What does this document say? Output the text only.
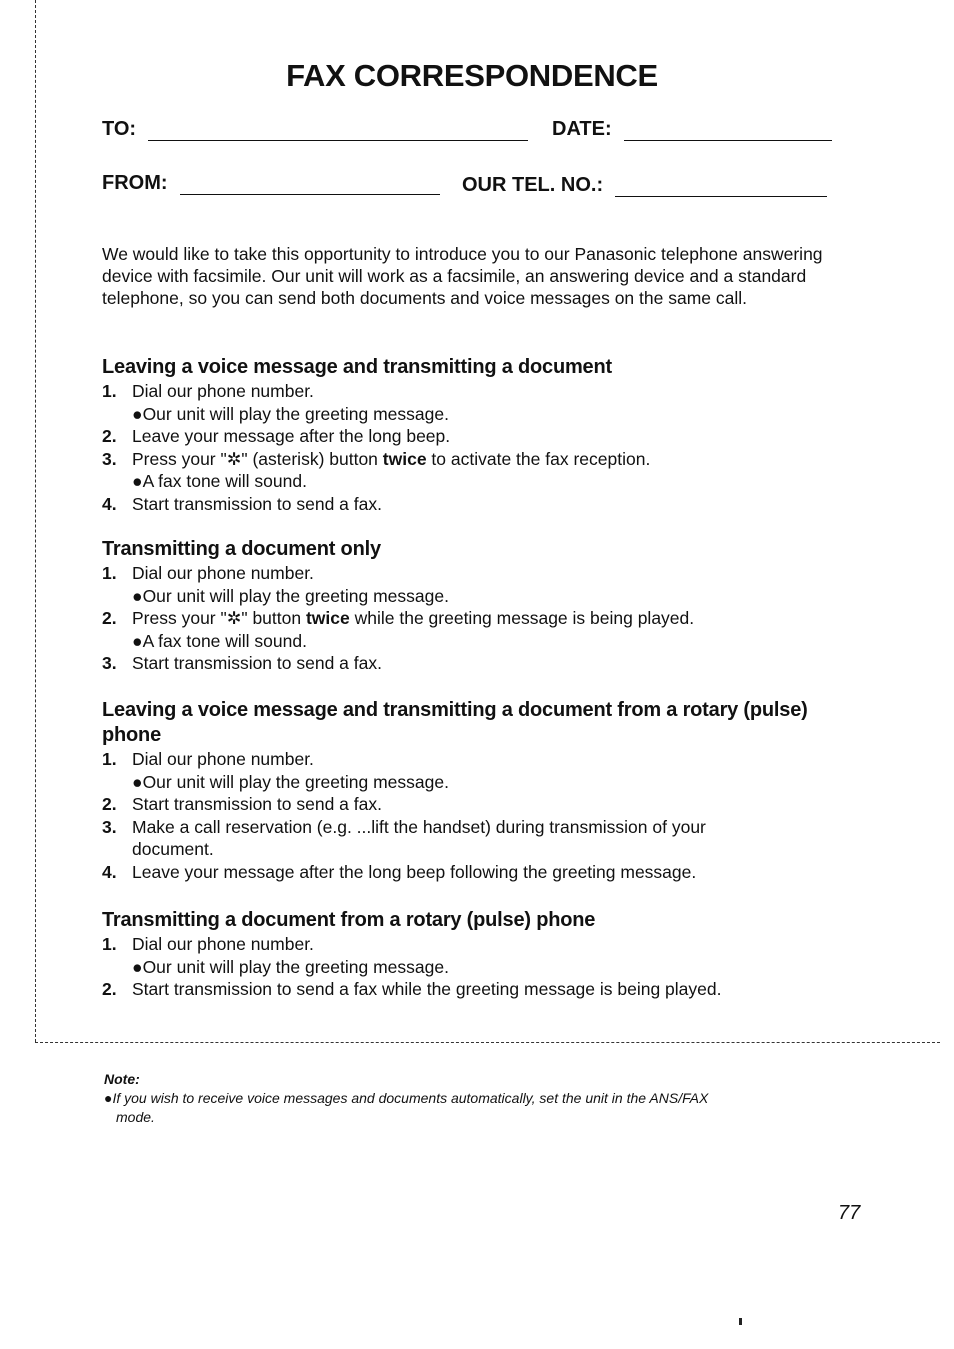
FAX CORRESPONDENCE
TO:	DATE:
FROM:	OUR TEL. NO.:
We would like to take this opportunity to introduce you to our Panasonic telephone answering device with facsimile. Our unit will work as a facsimile, an answering device and a standard telephone, so you can send both documents and voice messages on the same call.
Leaving a voice message and transmitting a document
1. Dial our phone number.
●Our unit will play the greeting message.
2. Leave your message after the long beep.
3. Press your "✲" (asterisk) button twice to activate the fax reception.
●A fax tone will sound.
4. Start transmission to send a fax.
Transmitting a document only
1. Dial our phone number.
●Our unit will play the greeting message.
2. Press your "✲" button twice while the greeting message is being played.
●A fax tone will sound.
3. Start transmission to send a fax.
Leaving a voice message and transmitting a document from a rotary (pulse) phone
1. Dial our phone number.
●Our unit will play the greeting message.
2. Start transmission to send a fax.
3. Make a call reservation (e.g. ...lift the handset) during transmission of your document.
4. Leave your message after the long beep following the greeting message.
Transmitting a document from a rotary (pulse) phone
1. Dial our phone number.
●Our unit will play the greeting message.
2. Start transmission to send a fax while the greeting message is being played.
Note:
●If you wish to receive voice messages and documents automatically, set the unit in the ANS/FAX
mode.
77
